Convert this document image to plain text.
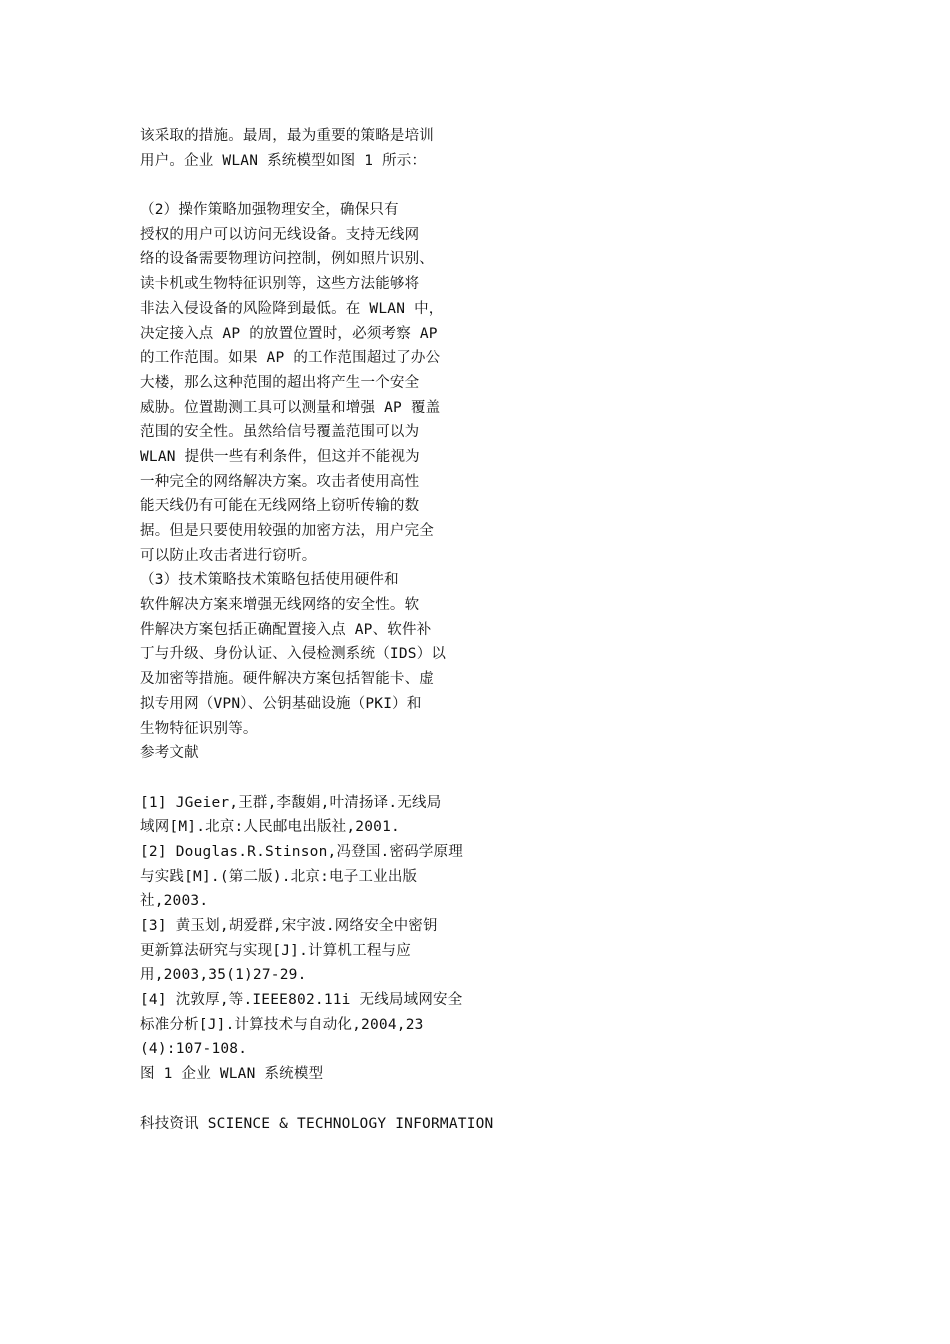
该采取的措施。最周，最为重要的策略是培训
用户。企业 WLAN 系统模型如图 1 所示：
（2）操作策略加强物理安全，确保只有
授权的用户可以访问无线设备。支持无线网
络的设备需要物理访问控制，例如照片识别、
读卡机或生物特征识别等，这些方法能够将
非法入侵设备的风险降到最低。在 WLAN 中，
决定接入点 AP 的放置位置时，必须考察 AP
的工作范围。如果 AP 的工作范围超过了办公
大楼，那么这种范围的超出将产生一个安全
威胁。位置勘测工具可以测量和增强 AP 覆盖
范围的安全性。虽然给信号覆盖范围可以为
WLAN 提供一些有利条件，但这并不能视为
一种完全的网络解决方案。攻击者使用高性
能天线仍有可能在无线网络上窃听传输的数
据。但是只要使用较强的加密方法，用户完全
可以防止攻击者进行窃听。
（3）技术策略技术策略包括使用硬件和
软件解决方案来增强无线网络的安全性。软
件解决方案包括正确配置接入点 AP、软件补
丁与升级、身份认证、入侵检测系统（IDS）以
及加密等措施。硬件解决方案包括智能卡、虚
拟专用网（VPN）、公钥基础设施（PKI）和
生物特征识别等。
参考文献
[1] JGeier,王群,李馥娟,叶清扬译.无线局
域网[M].北京:人民邮电出版社,2001.
[2] Douglas.R.Stinson,冯登国.密码学原理
与实践[M].(第二版).北京:电子工业出版
社,2003.
[3] 黄玉划,胡爱群,宋宇波.网络安全中密钥
更新算法研究与实现[J].计算机工程与应
用,2003,35(1)27-29.
[4] 沈敦厚,等.IEEE802.11i 无线局域网安全
标准分析[J].计算技术与自动化,2004,23
(4):107-108.
图 1 企业 WLAN 系统模型
科技资讯 SCIENCE & TECHNOLOGY INFORMATION
